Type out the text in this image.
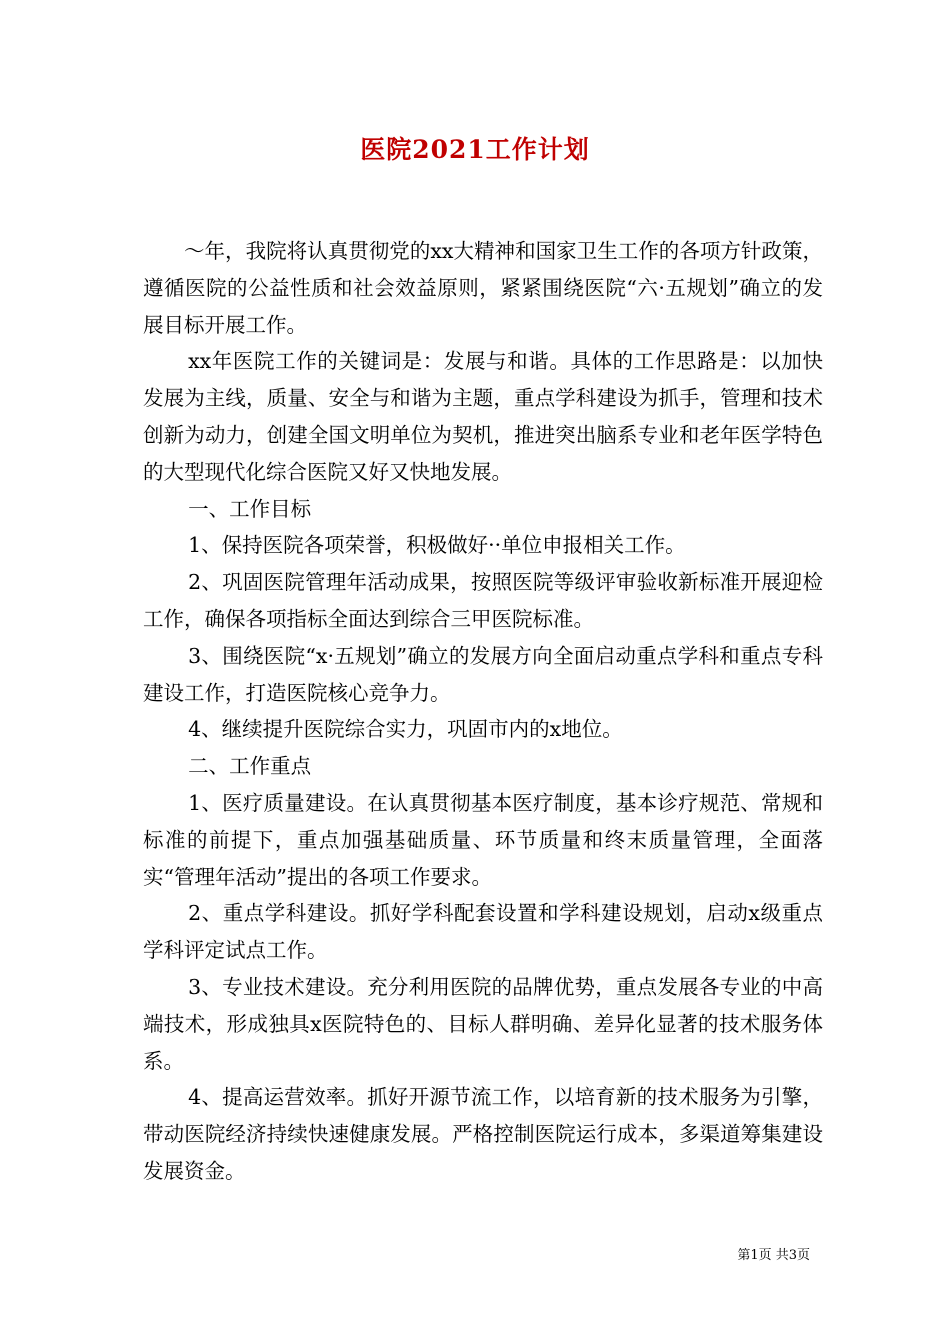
医院2021工作计划

～年，我院将认真贯彻党的xx大精神和国家卫生工作的各项方针政策，遵循医院的公益性质和社会效益原则，紧紧围绕医院“六·五规划”确立的发展目标开展工作。

xx年医院工作的关键词是：发展与和谐。具体的工作思路是：以加快发展为主线，质量、安全与和谐为主题，重点学科建设为抓手，管理和技术创新为动力，创建全国文明单位为契机，推进突出脑系专业和老年医学特色的大型现代化综合医院又好又快地发展。

一、工作目标

1、保持医院各项荣誉，积极做好··单位申报相关工作。

2、巩固医院管理年活动成果，按照医院等级评审验收新标准开展迎检工作，确保各项指标全面达到综合三甲医院标准。

3、围绕医院“x·五规划”确立的发展方向全面启动重点学科和重点专科建设工作，打造医院核心竞争力。

4、继续提升医院综合实力，巩固市内的x地位。

二、工作重点

1、医疗质量建设。在认真贯彻基本医疗制度，基本诊疗规范、常规和标准的前提下，重点加强基础质量、环节质量和终末质量管理，全面落实“管理年活动”提出的各项工作要求。

2、重点学科建设。抓好学科配套设置和学科建设规划，启动x级重点学科评定试点工作。

3、专业技术建设。充分利用医院的品牌优势，重点发展各专业的中高端技术，形成独具x医院特色的、目标人群明确、差异化显著的技术服务体系。

4、提高运营效率。抓好开源节流工作，以培育新的技术服务为引擎，带动医院经济持续快速健康发展。严格控制医院运行成本，多渠道筹集建设发展资金。

第1页 共3页
